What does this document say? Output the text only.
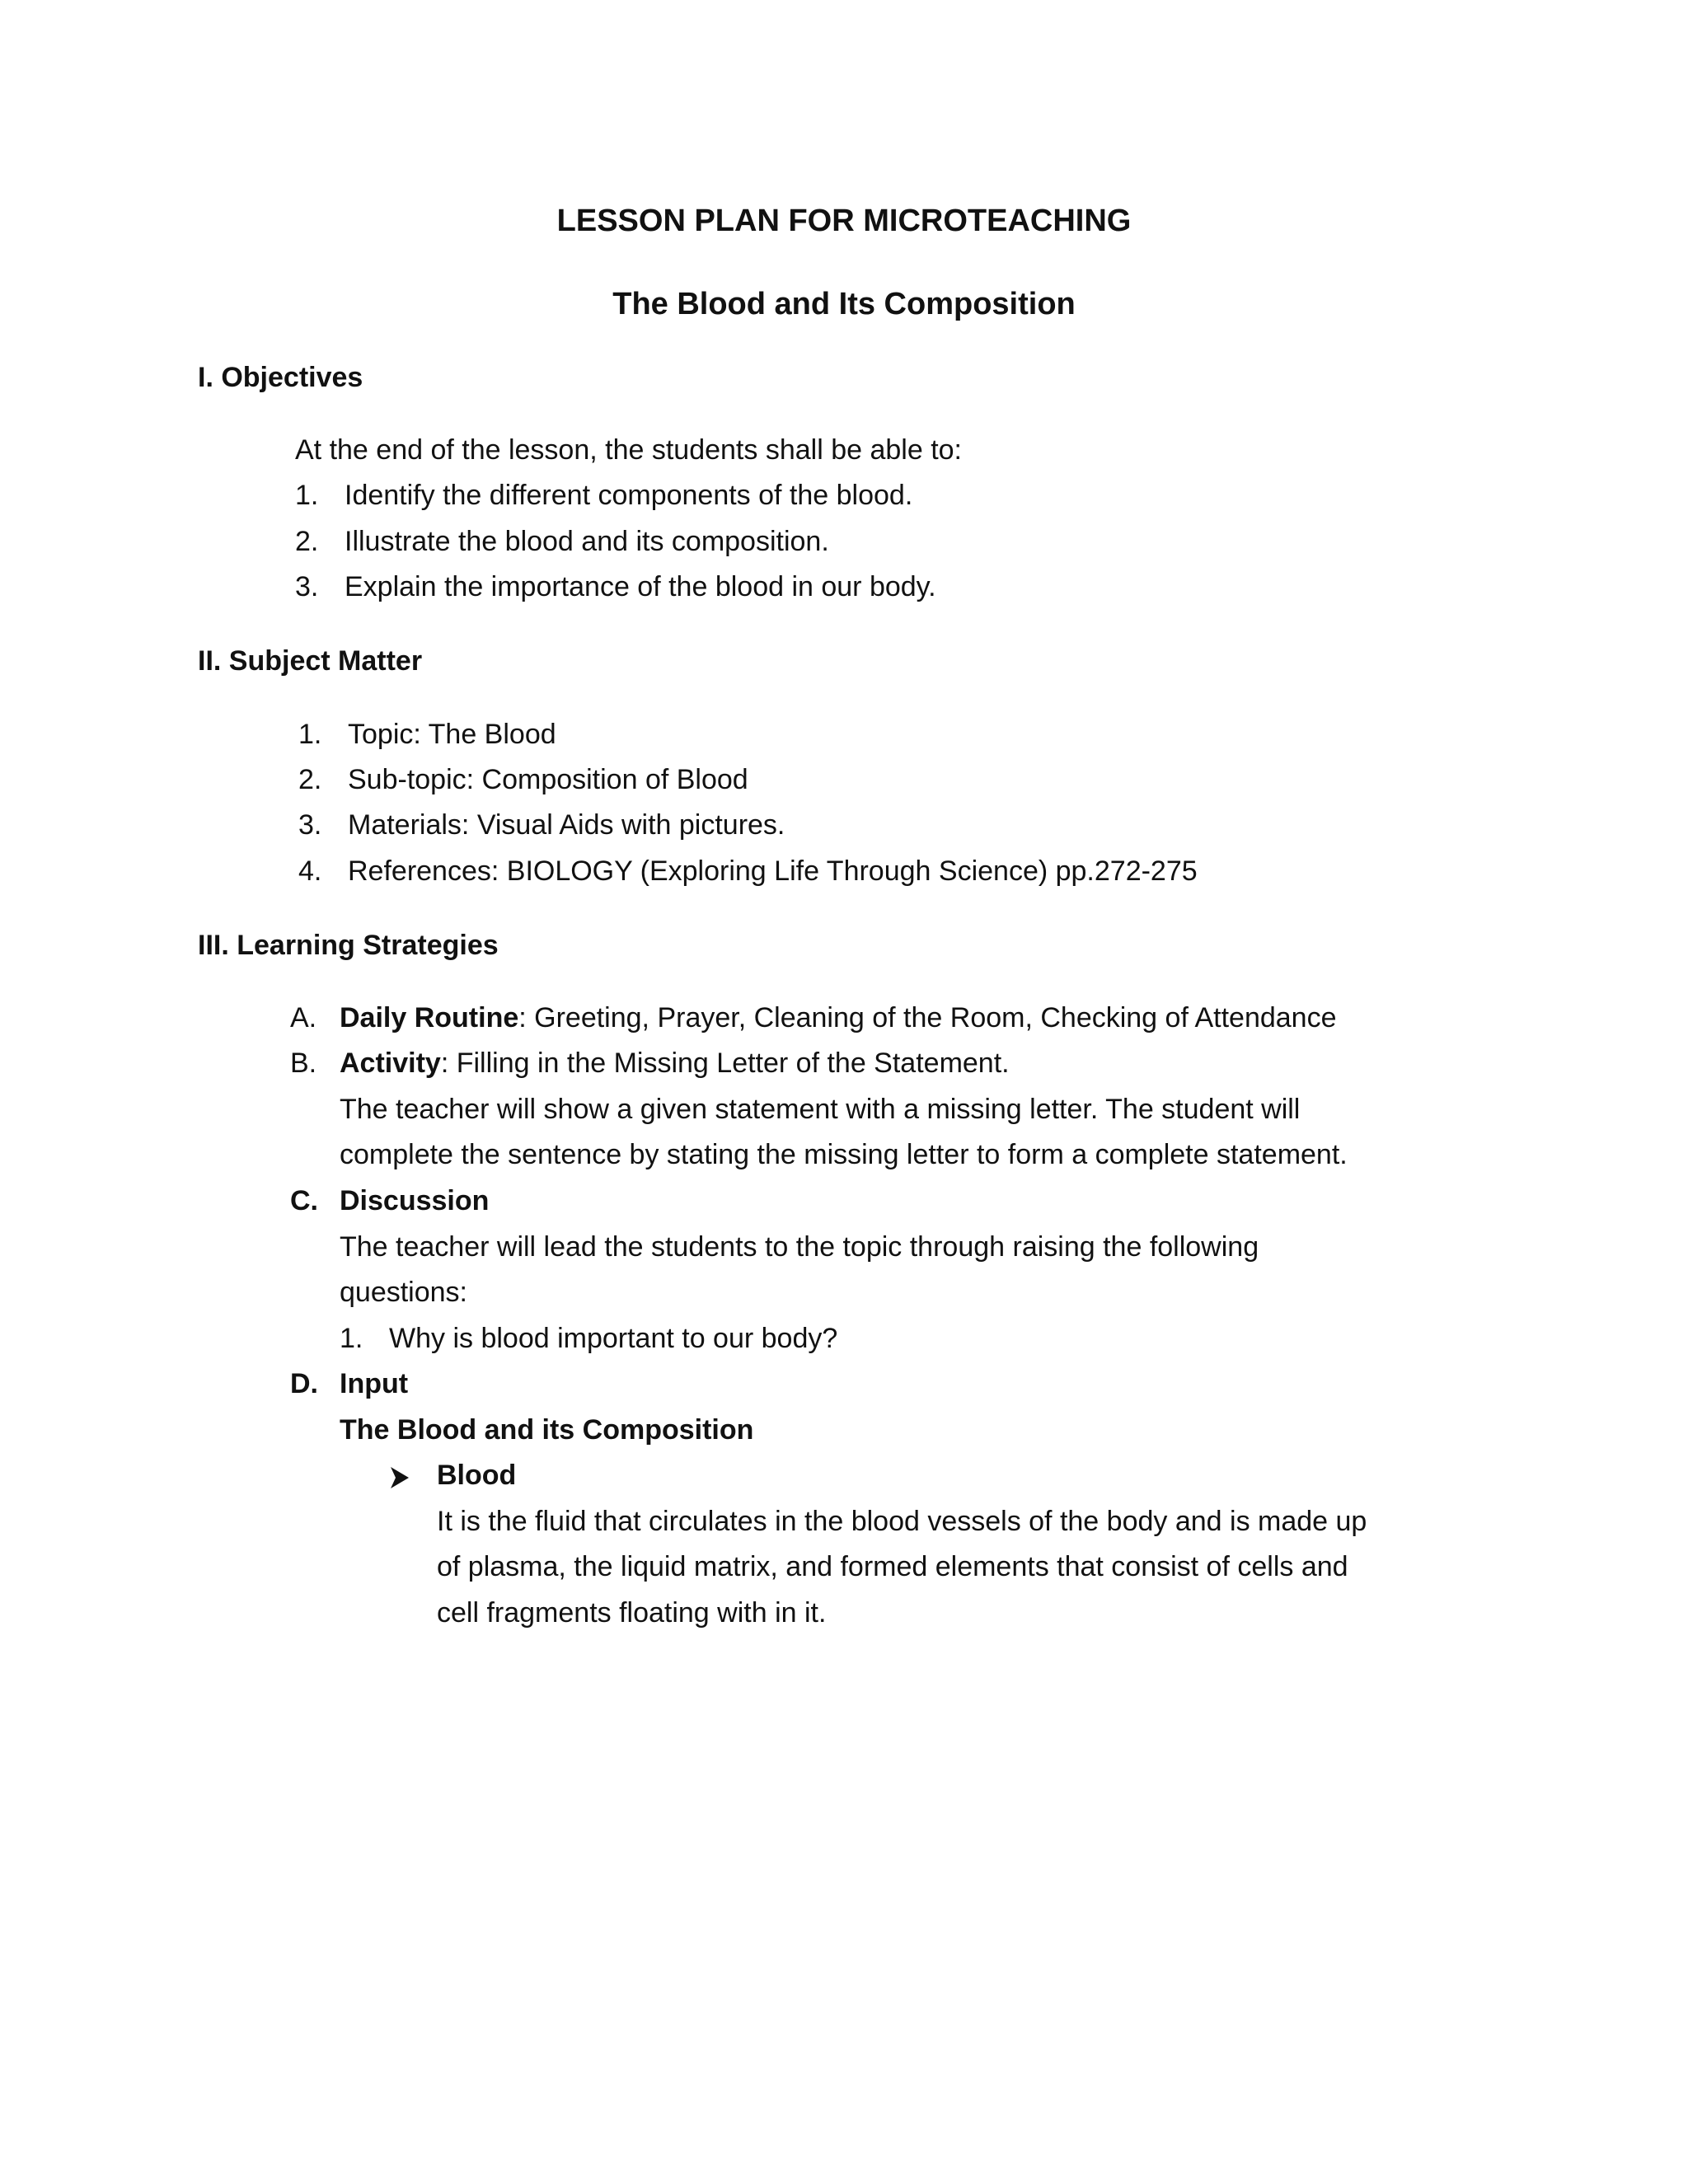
LESSON PLAN FOR MICROTEACHING
The Blood and Its Composition
I. Objectives
At the end of the lesson, the students shall be able to:
1. Identify the different components of the blood.
2. Illustrate the blood and its composition.
3. Explain the importance of the blood in our body.
II. Subject Matter
1. Topic: The Blood
2. Sub-topic: Composition of Blood
3. Materials: Visual Aids with pictures.
4. References: BIOLOGY (Exploring Life Through Science) pp.272-275
III. Learning Strategies
A. Daily Routine: Greeting, Prayer, Cleaning of the Room, Checking of Attendance
B. Activity: Filling in the Missing Letter of the Statement.
The teacher will show a given statement with a missing letter. The student will
complete the sentence by stating the missing letter to form a complete statement.
C. Discussion
The teacher will lead the students to the topic through raising the following
questions:
1. Why is blood important to our body?
D. Input
The Blood and its Composition
Blood
It is the fluid that circulates in the blood vessels of the body and is made up
of plasma, the liquid matrix, and formed elements that consist of cells and
cell fragments floating with in it.
